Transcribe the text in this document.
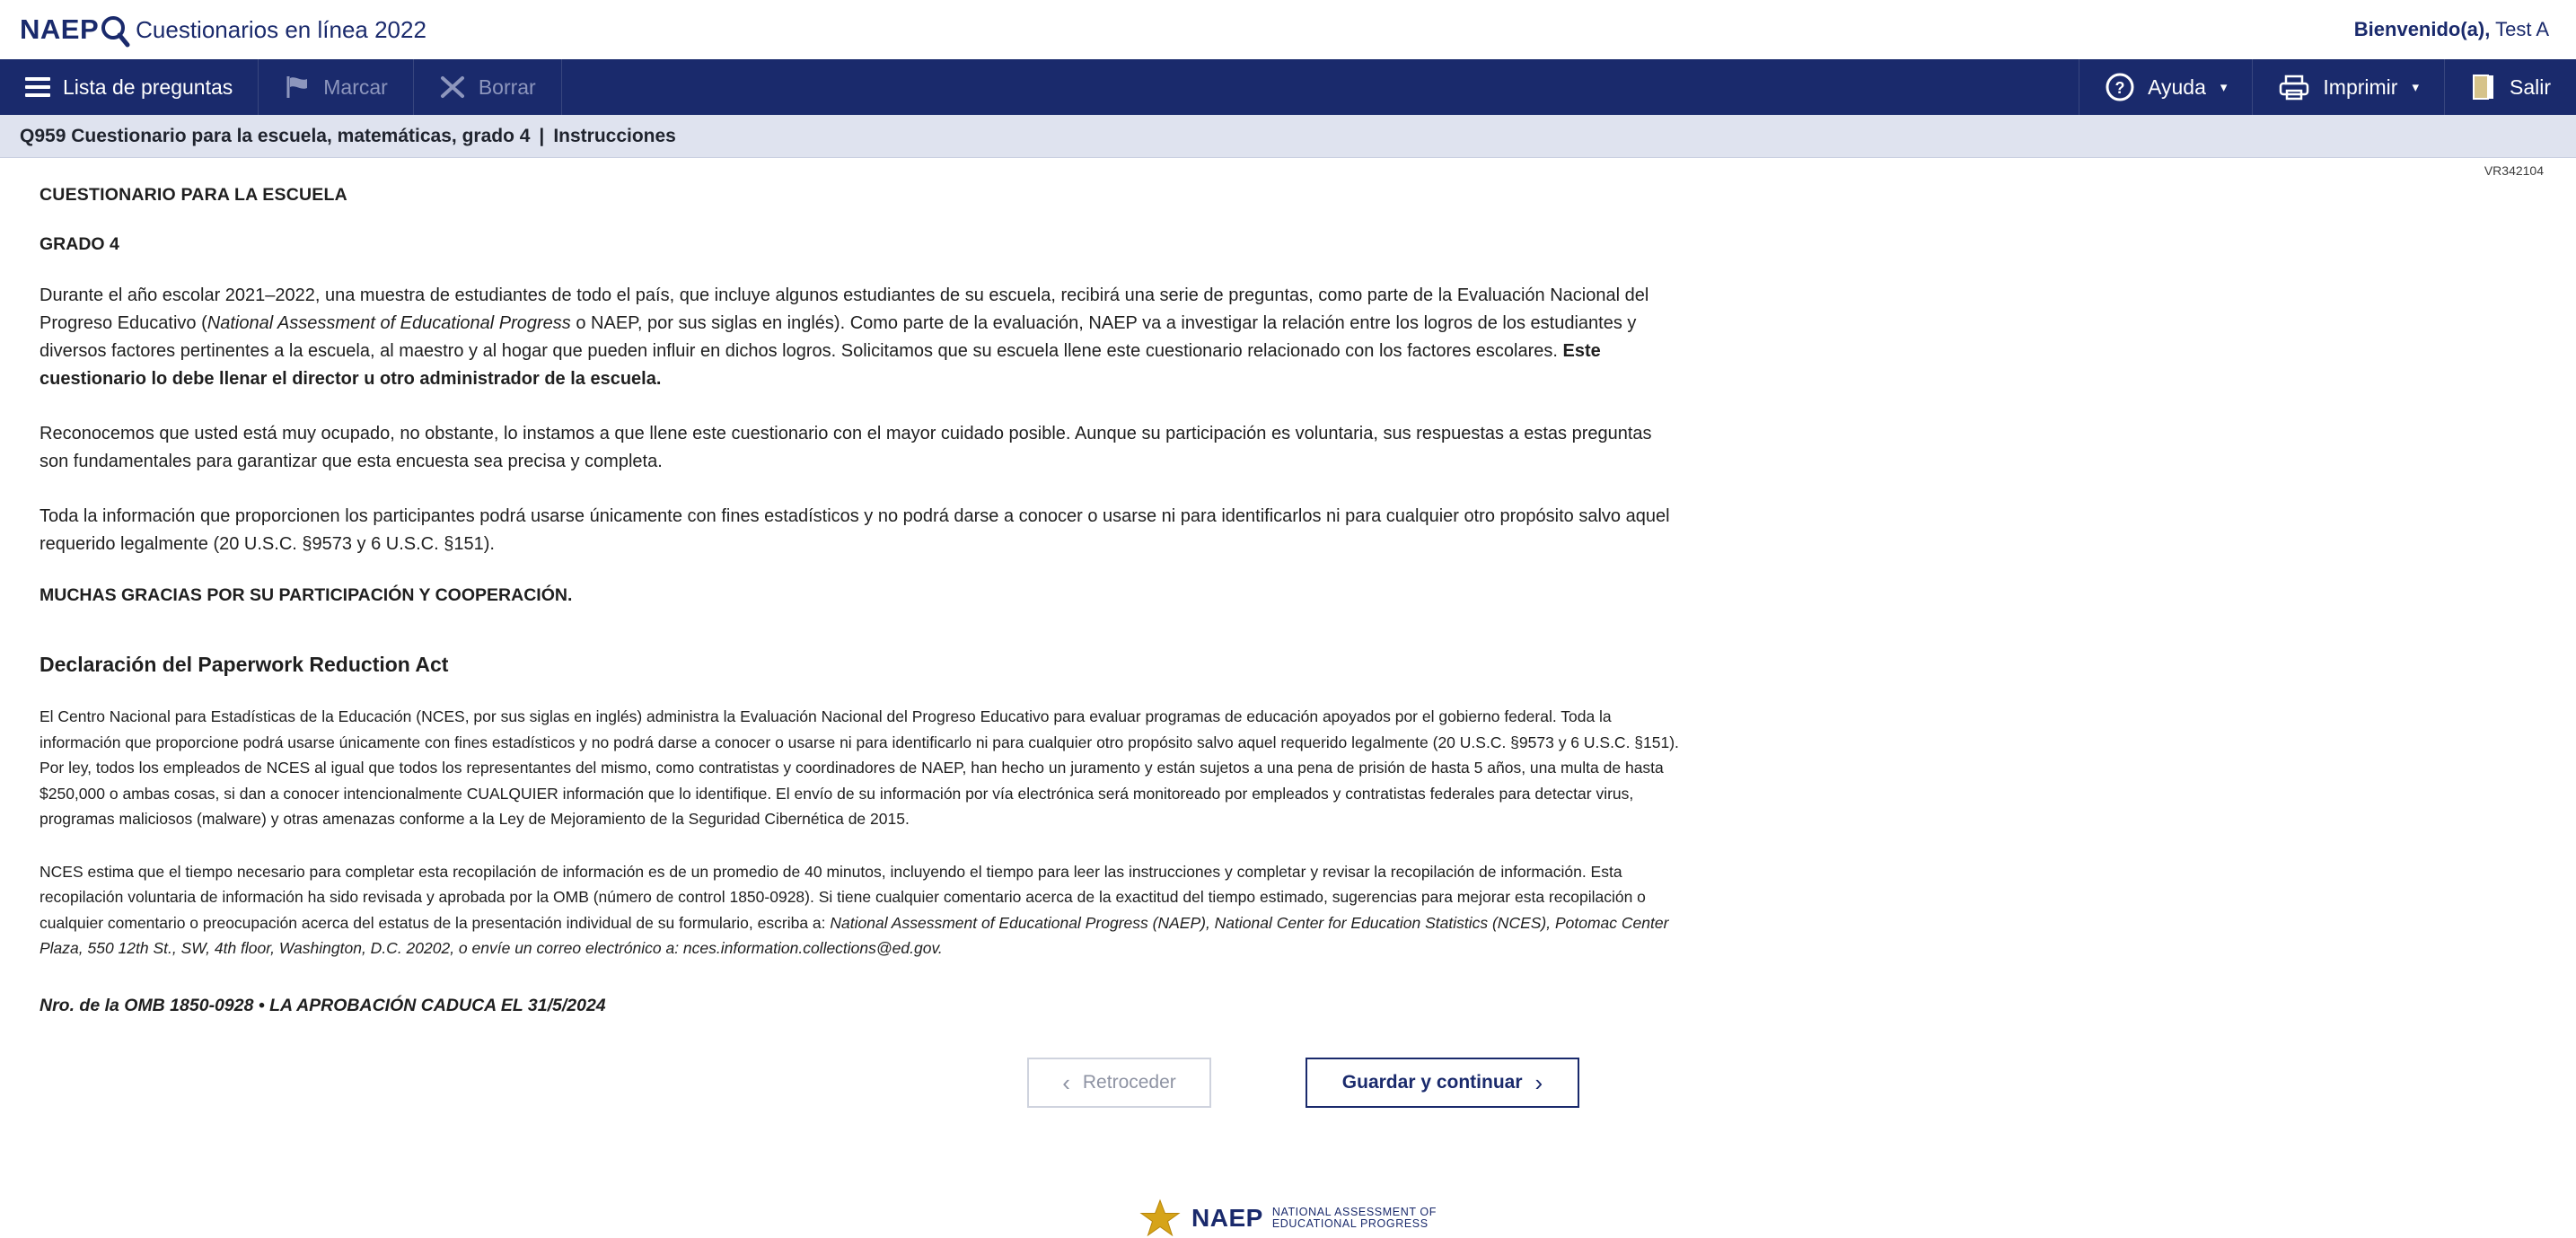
NAEP Cuestionarios en línea 2022	Bienvenido(a), Test A
Lista de preguntas	Marcar	Borrar	? Ayuda ▾	Imprimir ▾	Salir
Q959 Cuestionario para la escuela, matemáticas, grado 4 | Instrucciones
VR342104
CUESTIONARIO PARA LA ESCUELA
GRADO 4

Durante el año escolar 2021–2022, una muestra de estudiantes de todo el país, que incluye algunos estudiantes de su escuela, recibirá una serie de preguntas, como parte de la Evaluación Nacional del Progreso Educativo (National Assessment of Educational Progress o NAEP, por sus siglas en inglés). Como parte de la evaluación, NAEP va a investigar la relación entre los logros de los estudiantes y diversos factores pertinentes a la escuela, al maestro y al hogar que pueden influir en dichos logros. Solicitamos que su escuela llene este cuestionario relacionado con los factores escolares. Este cuestionario lo debe llenar el director u otro administrador de la escuela.

Reconocemos que usted está muy ocupado, no obstante, lo instamos a que llene este cuestionario con el mayor cuidado posible. Aunque su participación es voluntaria, sus respuestas a estas preguntas son fundamentales para garantizar que esta encuesta sea precisa y completa.

Toda la información que proporcionen los participantes podrá usarse únicamente con fines estadísticos y no podrá darse a conocer o usarse ni para identificarlos ni para cualquier otro propósito salvo aquel requerido legalmente (20 U.S.C. §9573 y 6 U.S.C. §151).

MUCHAS GRACIAS POR SU PARTICIPACIÓN Y COOPERACIÓN.
Declaración del Paperwork Reduction Act

El Centro Nacional para Estadísticas de la Educación (NCES, por sus siglas en inglés) administra la Evaluación Nacional del Progreso Educativo para evaluar programas de educación apoyados por el gobierno federal. Toda la información que proporcione podrá usarse únicamente con fines estadísticos y no podrá darse a conocer o usarse ni para identificarlo ni para cualquier otro propósito salvo aquel requerido legalmente (20 U.S.C. §9573 y 6 U.S.C. §151). Por ley, todos los empleados de NCES al igual que todos los representantes del mismo, como contratistas y coordinadores de NAEP, han hecho un juramento y están sujetos a una pena de prisión de hasta 5 años, una multa de hasta $250,000 o ambas cosas, si dan a conocer intencionalmente CUALQUIER información que lo identifique. El envío de su información por vía electrónica será monitoreado por empleados y contratistas federales para detectar virus, programas maliciosos (malware) y otras amenazas conforme a la Ley de Mejoramiento de la Seguridad Cibernética de 2015.

NCES estima que el tiempo necesario para completar esta recopilación de información es de un promedio de 40 minutos, incluyendo el tiempo para leer las instrucciones y completar y revisar la recopilación de información. Esta recopilación voluntaria de información ha sido revisada y aprobada por la OMB (número de control 1850-0928). Si tiene cualquier comentario acerca de la exactitud del tiempo estimado, sugerencias para mejorar esta recopilación o cualquier comentario o preocupación acerca del estatus de la presentación individual de su formulario, escriba a: National Assessment of Educational Progress (NAEP), National Center for Education Statistics (NCES), Potomac Center Plaza, 550 12th St., SW, 4th floor, Washington, D.C. 20202, o envíe un correo electrónico a: nces.information.collections@ed.gov.

Nro. de la OMB 1850-0928 • LA APROBACIÓN CADUCA EL 31/5/2024
‹ Retroceder	Guardar y continuar ›
NAEP NATIONAL ASSESSMENT OF
EDUCATIONAL PROGRESS
